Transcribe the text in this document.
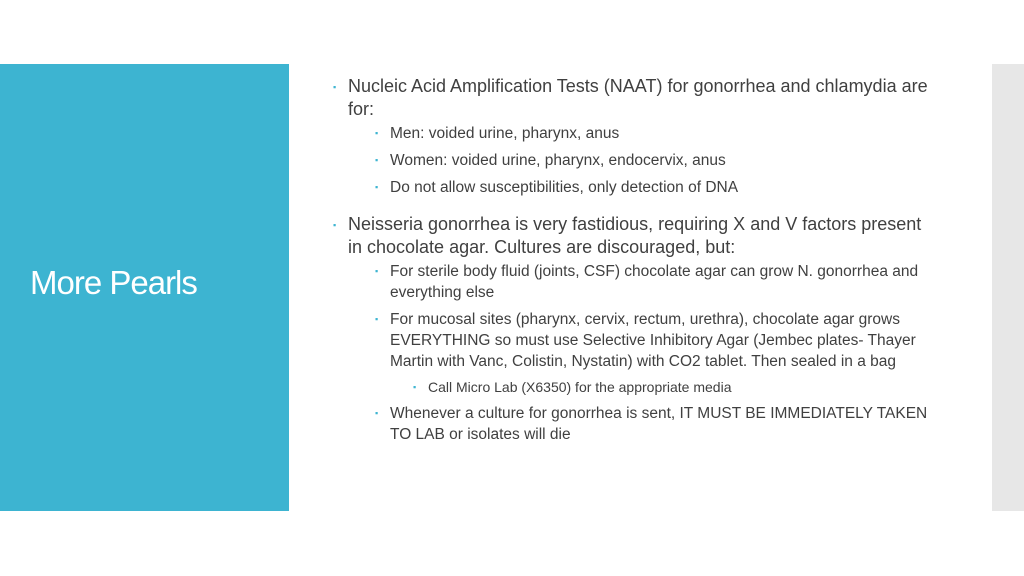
More Pearls
▪ Nucleic Acid Amplification Tests (NAAT) for gonorrhea and chlamydia are for:
▪ Men: voided urine, pharynx, anus
▪ Women: voided urine, pharynx, endocervix, anus
▪ Do not allow susceptibilities, only detection of DNA
▪ Neisseria gonorrhea is very fastidious, requiring X and V factors present in chocolate agar. Cultures are discouraged, but:
▪ For sterile body fluid (joints, CSF) chocolate agar can grow N. gonorrhea and everything else
▪ For mucosal sites (pharynx, cervix, rectum, urethra), chocolate agar grows EVERYTHING so must use Selective Inhibitory Agar (Jembec plates- Thayer Martin with Vanc, Colistin, Nystatin) with CO2 tablet. Then sealed in a bag
▪ Call Micro Lab (X6350) for the appropriate media
▪ Whenever a culture for gonorrhea is sent, IT MUST BE IMMEDIATELY TAKEN TO LAB or isolates will die
